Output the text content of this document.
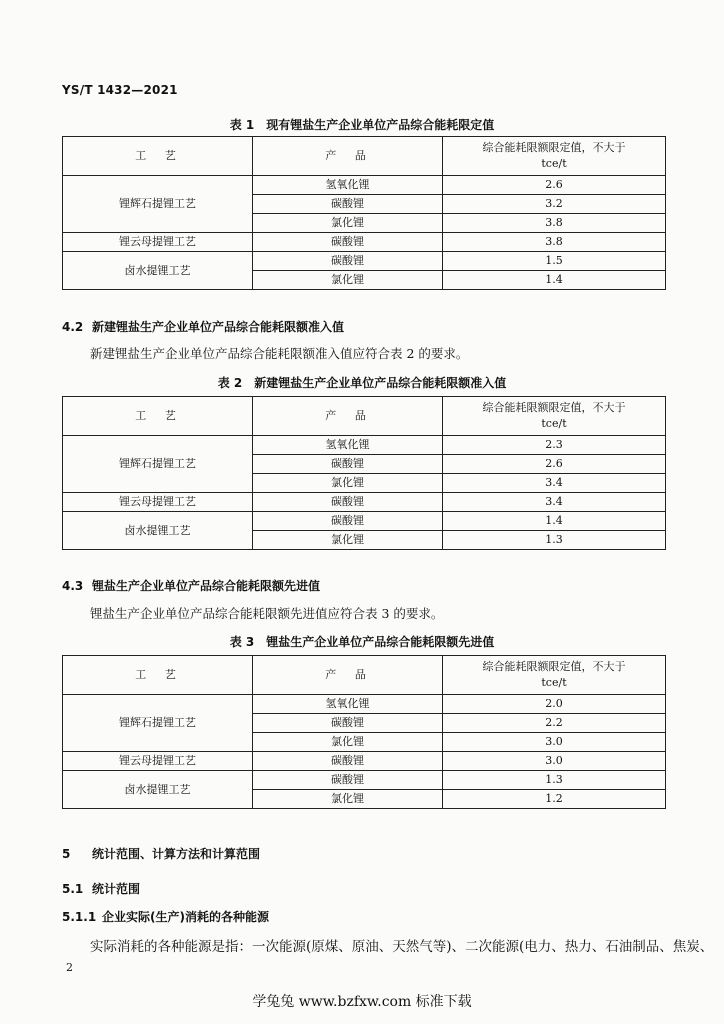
YS/T 1432—2021
表 1　现有锂盐生产企业单位产品综合能耗限定值
工　艺	产　品	综合能耗限额限定值，不大于
tce/t

锂辉石提锂工艺	氢氧化锂	2.6
	碳酸锂	3.2
	氯化锂	3.8
锂云母提锂工艺	碳酸锂	3.8
卤水提锂工艺	碳酸锂	1.5
	氯化锂	1.4
4.2 新建锂盐生产企业单位产品综合能耗限额准入值
新建锂盐生产企业单位产品综合能耗限额准入值应符合表 2 的要求。
表 2　新建锂盐生产企业单位产品综合能耗限额准入值
工　艺	产　品	综合能耗限额限定值，不大于
tce/t

锂辉石提锂工艺	氢氧化锂	2.3
	碳酸锂	2.6
	氯化锂	3.4
锂云母提锂工艺	碳酸锂	3.4
卤水提锂工艺	碳酸锂	1.4
	氯化锂	1.3
4.3 锂盐生产企业单位产品综合能耗限额先进值
锂盐生产企业单位产品综合能耗限额先进值应符合表 3 的要求。
表 3　锂盐生产企业单位产品综合能耗限额先进值
工　艺	产　品	综合能耗限额限定值，不大于
tce/t

锂辉石提锂工艺	氢氧化锂	2.0
	碳酸锂	2.2
	氯化锂	3.0
锂云母提锂工艺	碳酸锂	3.0
卤水提锂工艺	碳酸锂	1.3
	氯化锂	1.2
5 统计范围、计算方法和计算范围
5.1 统计范围
5.1.1 企业实际(生产)消耗的各种能源
实际消耗的各种能源是指：一次能源(原煤、原油、天然气等)、二次能源(电力、热力、石油制品、焦炭、
2
学兔兔 www.bzfxw.com 标准下载
